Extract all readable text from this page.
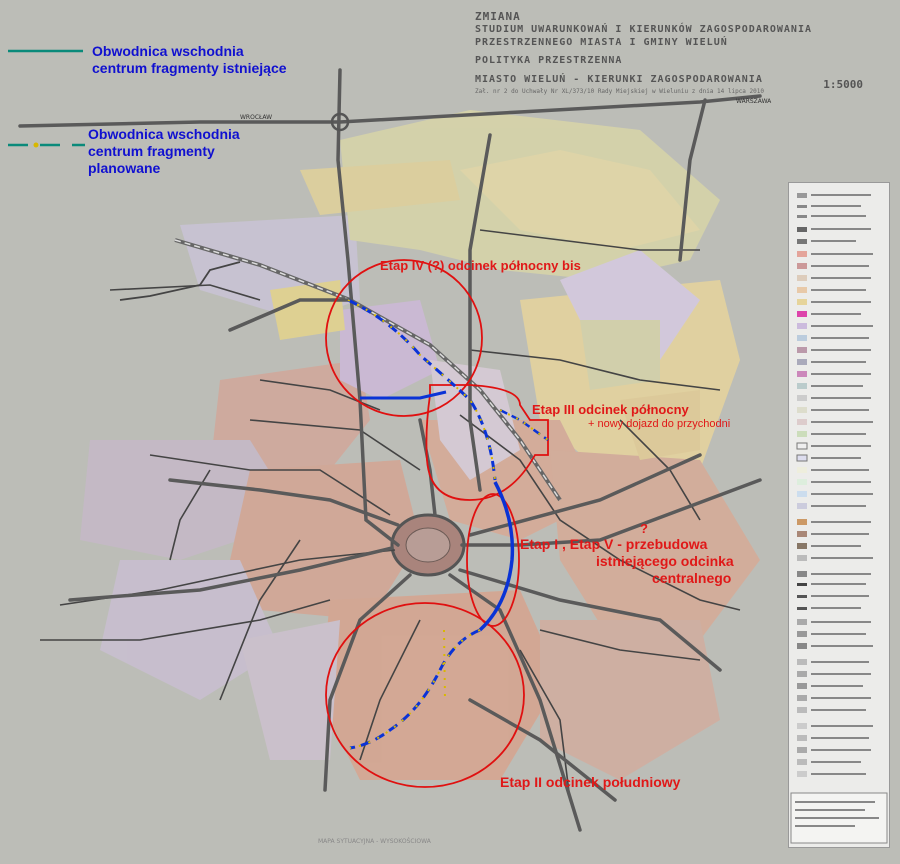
ZMIANA
STUDIUM UWARUNKOWAŃ I KIERUNKÓW ZAGOSPODAROWANIA
PRZESTRZENNEGO MIASTA I GMINY WIELUŃ
POLITYKA PRZESTRZENNA
MIASTO WIELUŃ - KIERUNKI ZAGOSPODAROWANIA	1:5000
Zał. nr 2 do Uchwały Nr XL/373/10 Rady Miejskiej w Wieluniu z dnia 14 lipca 2010
Obwodnica wschodnia centrum fragmenty istniejące
Obwodnica wschodnia centrum fragmenty planowane
WROCŁAW
WARSZAWA
MAPA SYTUACYJNA - WYSOKOŚCIOWA
Etap IV (?) odcinek północny bis
Etap III odcinek północny
+ nowy dojazd do przychodni
?
Etap I , Etap V - przebudowa
istniejącego odcinka
centralnego
Etap II odcinek południowy
